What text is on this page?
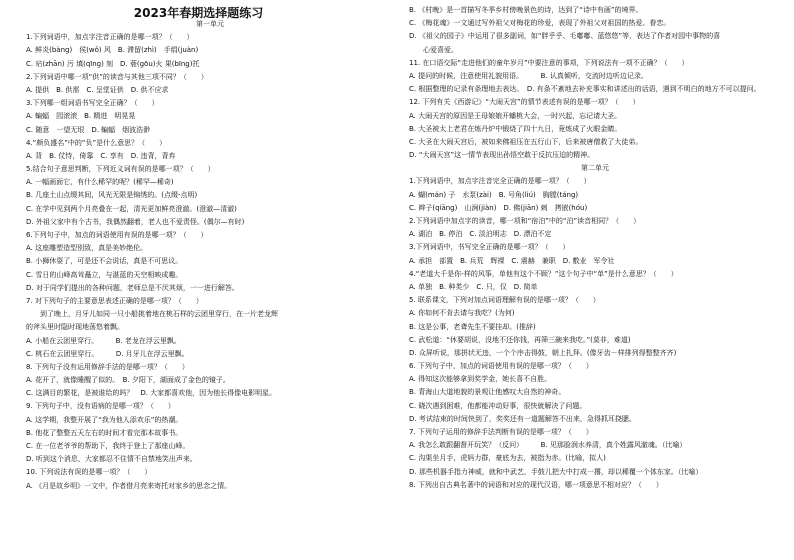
2023年春期选择题练习
第一单元
1.下列词语中，加点字注音正确的是哪一项？（　　）
A. 鲜炎(bàng)　侯(wǒ) 风　B. 滞留(zhì)　手绢(juàn)
C. 玷(zhān) 污 填(qīng) 刻　D. 蓑(gōu)火 果(bīng)托
2.下列词语中哪一项“供”的读音与其他三项不同？（　　）
A. 提供　B. 供需　C. 呈堂证供　D. 供不应求
3.下列哪一组词语书写完全正确？（　　）
A. 蝙蝠　园滚滚　B. 精进　明晃晃
C. 随意　一望无垠　D. 蝙蝠　烟波浩渺
4.“颇负盛名”中的“负”是什么意思？（　　）
A. 背　B. 仗恃，倚靠　C. 享有　D. 违背，背弃
5.结合句子意思判断，下列近义词有误的是哪一项？（　　）
A. 一幅画面它，有什么稀罕的呢？(稀罕—稀奇)
B. 几座土山点缀其间，风光无限是锦绣的。(点缀-点明)
C. 在学中见到两个月亮叠在一起，清光更加鲜亮澄澈。(澄澈—清澈)
D. 外祖父家中有个古书，我偶然翻着，老人也不爱责怪。(偶尔—有时)
6.下列句子中，加点的词语使用有误的是哪一项？（　　）
A. 这座雕塑造型别致，真是美妙绝伦。
B. 小狮休耍了，可是还不会说话，真是不可思议。
C. 雪日的山峰高耸矗立，与湛蓝的天空相映成趣。
D. 对于同学们提出的各种问题，老师总是不厌其烦，一一进行解答。
7. 对下列句子的主要意思表述正确的是哪一项？（　　）
　　到了晚上，月牙儿如同一只小船挑着地在桃石样的云团里穿行，在一片老龙辉
的斧头里时隐时现地荡悠着飘。
A. 小船在云团里穿行。　　　B. 老龙在浮云里飘。
C. 桃石在云团里穿行。　　　D. 月牙儿在浮云里飘。
8. 下列句子没有运用修辞手法的是哪一项？（　　）
A. 花开了，就像睡醒了似的。　B. 夕阳下，湖面成了金色的镜子。
C. 这满目的繁花，是被谁给的吗？　D. 大家都喜欢他，因为他长得像电影明星。
9. 下列句子中，没有语病的是哪一项？（　　）
A. 这学期，我整开展了“我为他人添欢乐”的热潮。
B. 他花了整整五天左右的时间才看完那本故事书。
C. 在一位老爷爷的帮助下，我终于登上了那座山峰。
D. 听到这个消息，大家都忍不住情不自禁地笑出声来。
10. 下列说法有误的是哪一项？（　　）
A. 《月是故乡明》一文中，作者借月亮来寄托对家乡的思念之情。
B. 《村晚》是一首描写冬季乡村傍晚景色的诗，达到了“诗中有画”的境界。
C. 《梅花魂》一文通过写外祖父对梅花的珍爱，表现了外祖父对祖国的热爱、眷恋。
D. 《祖父的园子》中运用了很多副词，如“胖乎乎、毛嘟嘟、蓝悠悠”等，表达了作者对园中事物的喜
　　心爱喜爱。
11. 在口语交际“走进他们的童年岁月”中要注意的事项，下列说法有一项不正确？（　　）
A. 提问的时候，注意使用礼貌用语。　　　B. 认真倾听，交流时边听边记录。
C. 根据整理的记录有条理地去表达。　D. 有条不紊地去补充事实和讲述出的话语，遇到不明白的地方不可以提问。
12. 下列有关《西游记》“大闹天宫”的情节表述有误的是哪一项？（　　）
A. 大闹天宫的原因是王母娘娘开蟠桃大会，一时兴起，忘记请大圣。
B. 大圣被太上老君在炼丹炉中锻烧了四十九日，竟炼成了火眼金睛。
C. 大圣在大闹天宫后，被如来佛祖压在五行山下，后来被唐僧救了大徒弟。
D. “大闹天宫”这一情节表现出孙悟空敢于反抗压迫的精神。
第二单元
1.下列词语中，加点字注音完全正确的是哪一项？（　　）
A. 蝴(mán) 子　水泵(zài)　B. 号角(liú)　胸膛(táng)
C. 辫子(qiāng)　山涧(jiàn)　D. 佛(jiān) 刺　拷嵌(hóu)
2.下列词语中加点字的读音，哪一项和“宿泊”中的“泊”读音相同？（　　）
A. 湖泊　B. 停泊　C. 淡泊明志　D. 漂泊不定
3.下列词语中，书写完全正确的是哪一项？（　　）
A. 承担　部置　B. 兵荒　辉裸　C. 震赫　兼职　D. 敷业　军令社
4.“老道大千是你-样的风筝，单他有这个不顾？”这个句子中“单”是什么意思？（　　）
A. 单独　B. 种类少　C. 只，仅　D. 简单
5. 联系课文，下列对加点词语理解有误的是哪一项？（　　）
A. 你如何不肯去请与我吃？(为何)
B. 这是公事，老聋先生不要挂却。(推辞)
C. 武松道：“休要胡说，没地不还你钱，再筛三碗来我吃。”(莫非，难道)
D. 众屏听说，那拼状无违，一个个序击得鼓，朝上扎拜。(像牙齿－样排列得整整齐齐)
6. 下列句子中，加点的词语使用有误的是哪一项？（　　）
A. 得知这次能够拿到奖学金，她长喜不自胜。
B. 青海山大道地貌的景观让他感叹大自然的神奇。
C. 晓次遇到困难，他都能冲动好事，很快就解决了问题。
D. 考试结束的时间快到了，奖奖还有一道题解答不出来，急得抓耳挠腮。
7. 下列句子运用的修辞手法判断有误的是哪一项？（　　）
A. 我怎么敢跟翻督开玩笑？（反问）　　　B. 见那脸润水养清，真个姓露风澈魂。（比喻）
C. 沟渠坐月手，虎妈力群，豪底为去，被指为赤。(比喻，拟人)
D. 那些机器手指力神威，就和中武艺，手鼓儿把大中打成一撂，却以稀覆一个体东家。（比喻）
8. 下列出自古典名著中的词语和对应的现代汉语，哪一项意思不相对应？（　　）
